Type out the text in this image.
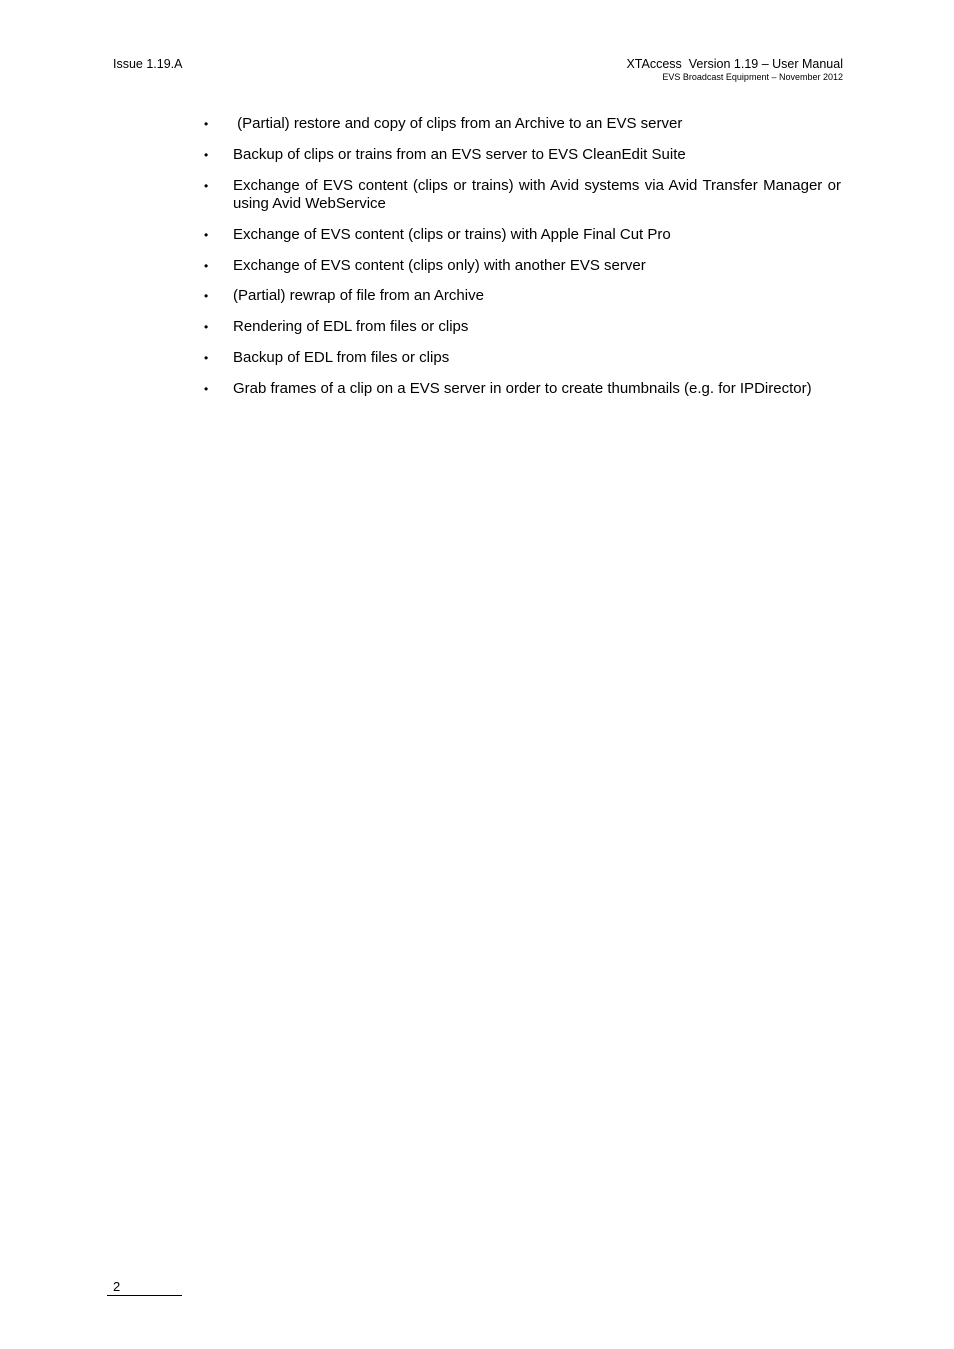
Issue 1.19.A	XTAccess  Version 1.19 – User Manual
EVS Broadcast Equipment – November 2012
•	(Partial) restore and copy of clips from an Archive to an EVS server
•	Backup of clips or trains from an EVS server to EVS CleanEdit Suite
•	Exchange of EVS content (clips or trains) with Avid systems via Avid Transfer Manager or using Avid WebService
•	Exchange of EVS content (clips or trains) with Apple Final Cut Pro
•	Exchange of EVS content (clips only) with another EVS server
•	(Partial) rewrap of file from an Archive
•	Rendering of EDL from files or clips
•	Backup of EDL from files or clips
•	Grab frames of a clip on a EVS server in order to create thumbnails (e.g. for IPDirector)
2
